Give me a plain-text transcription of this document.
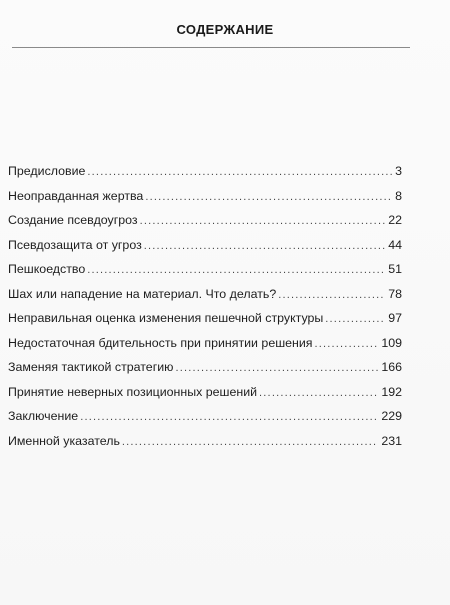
СОДЕРЖАНИЕ
Предисловие .....	3
Неоправданная жертва .....	8
Создание псевдоугроз .....	22
Псевдозащита от угроз .....	44
Пешкоедство .....	51
Шах или нападение на материал. Что делать? .....	78
Неправильная оценка изменения пешечной структуры .....	97
Недостаточная бдительность при принятии решения .....	109
Заменяя тактикой стратегию .....	166
Принятие неверных позиционных решений .....	192
Заключение .....	229
Именной указатель .....	231
